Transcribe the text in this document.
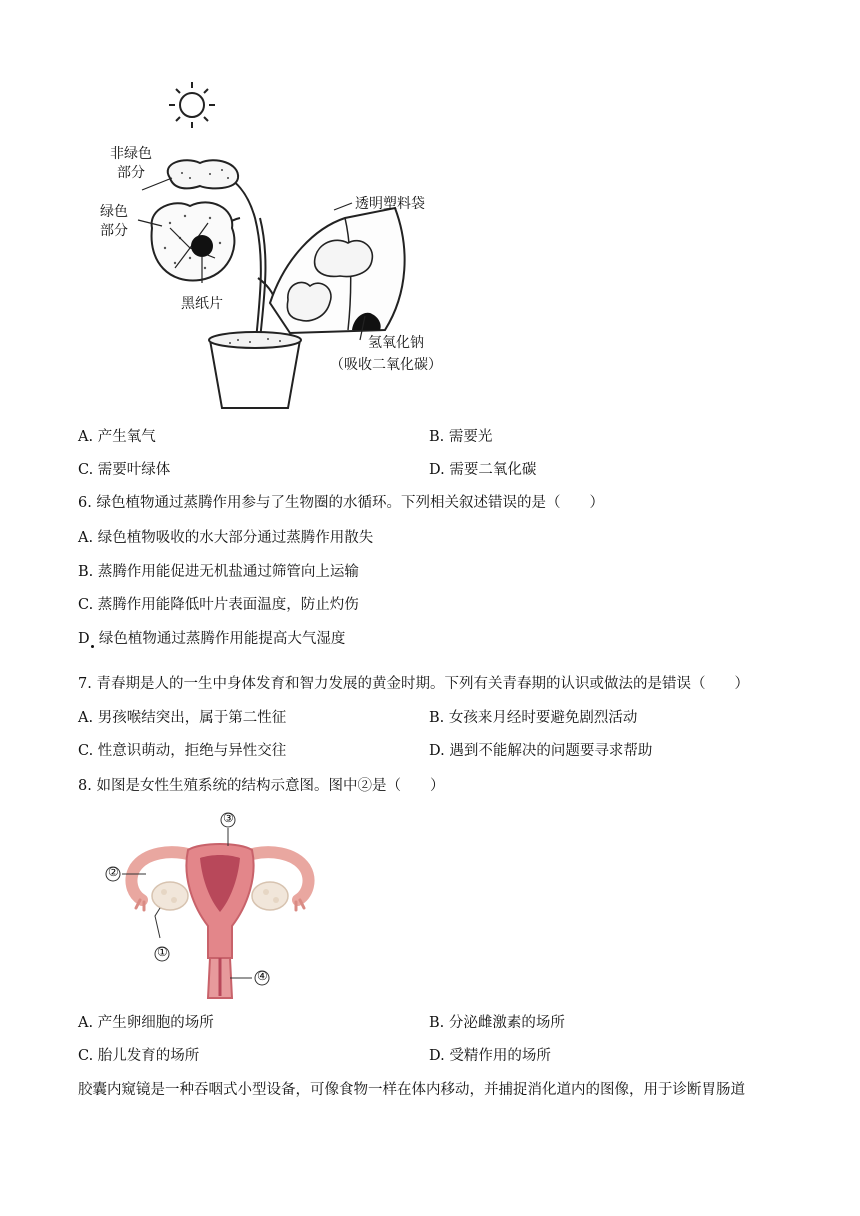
非绿色
部分
绿色
部分
黑纸片
透明塑料袋
氢氧化钠
（吸收二氧化碳）
A. 产生氧气	B. 需要光
C. 需要叶绿体	D. 需要二氧化碳
6. 绿色植物通过蒸腾作用参与了生物圈的水循环。下列相关叙述错误的是（　　）
A. 绿色植物吸收的水大部分通过蒸腾作用散失
B. 蒸腾作用能促进无机盐通过筛管向上运输
C. 蒸腾作用能降低叶片表面温度，防止灼伤
D 绿色植物通过蒸腾作用能提高大气湿度
7. 青春期是人的一生中身体发育和智力发展的黄金时期。下列有关青春期的认识或做法的是错误（　　）
A. 男孩喉结突出，属于第二性征	B. 女孩来月经时要避免剧烈活动
C. 性意识萌动，拒绝与异性交往	D. 遇到不能解决的问题要寻求帮助
8. 如图是女性生殖系统的结构示意图。图中②是（　　）
①
②
③
④
A. 产生卵细胞的场所	B. 分泌雌激素的场所
C. 胎儿发育的场所	D. 受精作用的场所
胶囊内窥镜是一种吞咽式小型设备，可像食物一样在体内移动，并捕捉消化道内的图像，用于诊断胃肠道
